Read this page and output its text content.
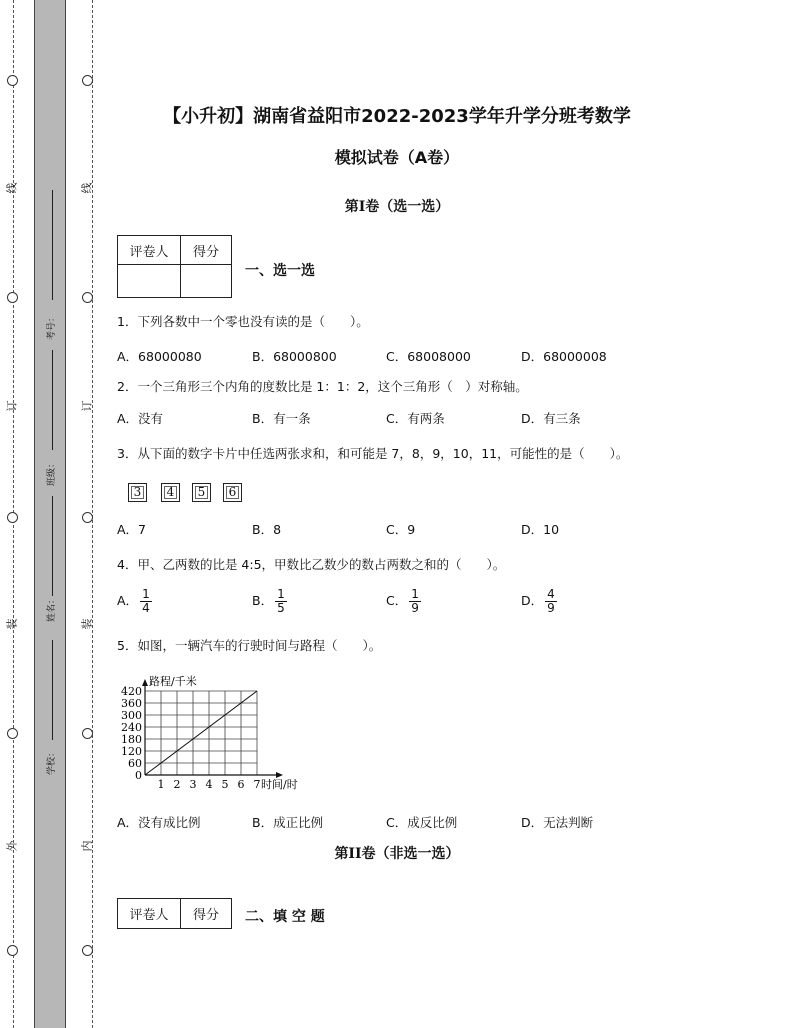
线
订
装
外
线
订
装
内
考号：
班级：
姓名：
学校：
【小升初】湖南省益阳市2022-2023学年升学分班考数学
模拟试卷（A卷）
第I卷（选一选）
评卷人	得分

一、选一选
1．下列各数中一个零也没有读的是（　　）。
A．68000080	B．68000800	C．68008000	D．68000008
2．一个三角形三个内角的度数比是 1：1：2，这个三角形（　）对称轴。
A．没有	B．有一条	C．有两条	D．有三条
3．从下面的数字卡片中任选两张求和，和可能是 7，8，9，10，11，可能性的是（　　）。
3	4	5	6
A．7	B．8	C．9	D．10
4．甲、乙两数的比是 4:5，甲数比乙数少的数占两数之和的（　　）。
A． $\frac{1}{4}$	B． $\frac{1}{5}$	C． $\frac{1}{9}$	D． $\frac{4}{9}$
5．如图，一辆汽车的行驶时间与路程（　　）。
1 2 3 4 5 6 7
0
60
120
180
240
300
360
420
路程/千米
时间/时
A．没有成比例	B．成正比例	C．成反比例	D．无法判断
第II卷（非选一选）
评卷人	得分 二、填 空 题
